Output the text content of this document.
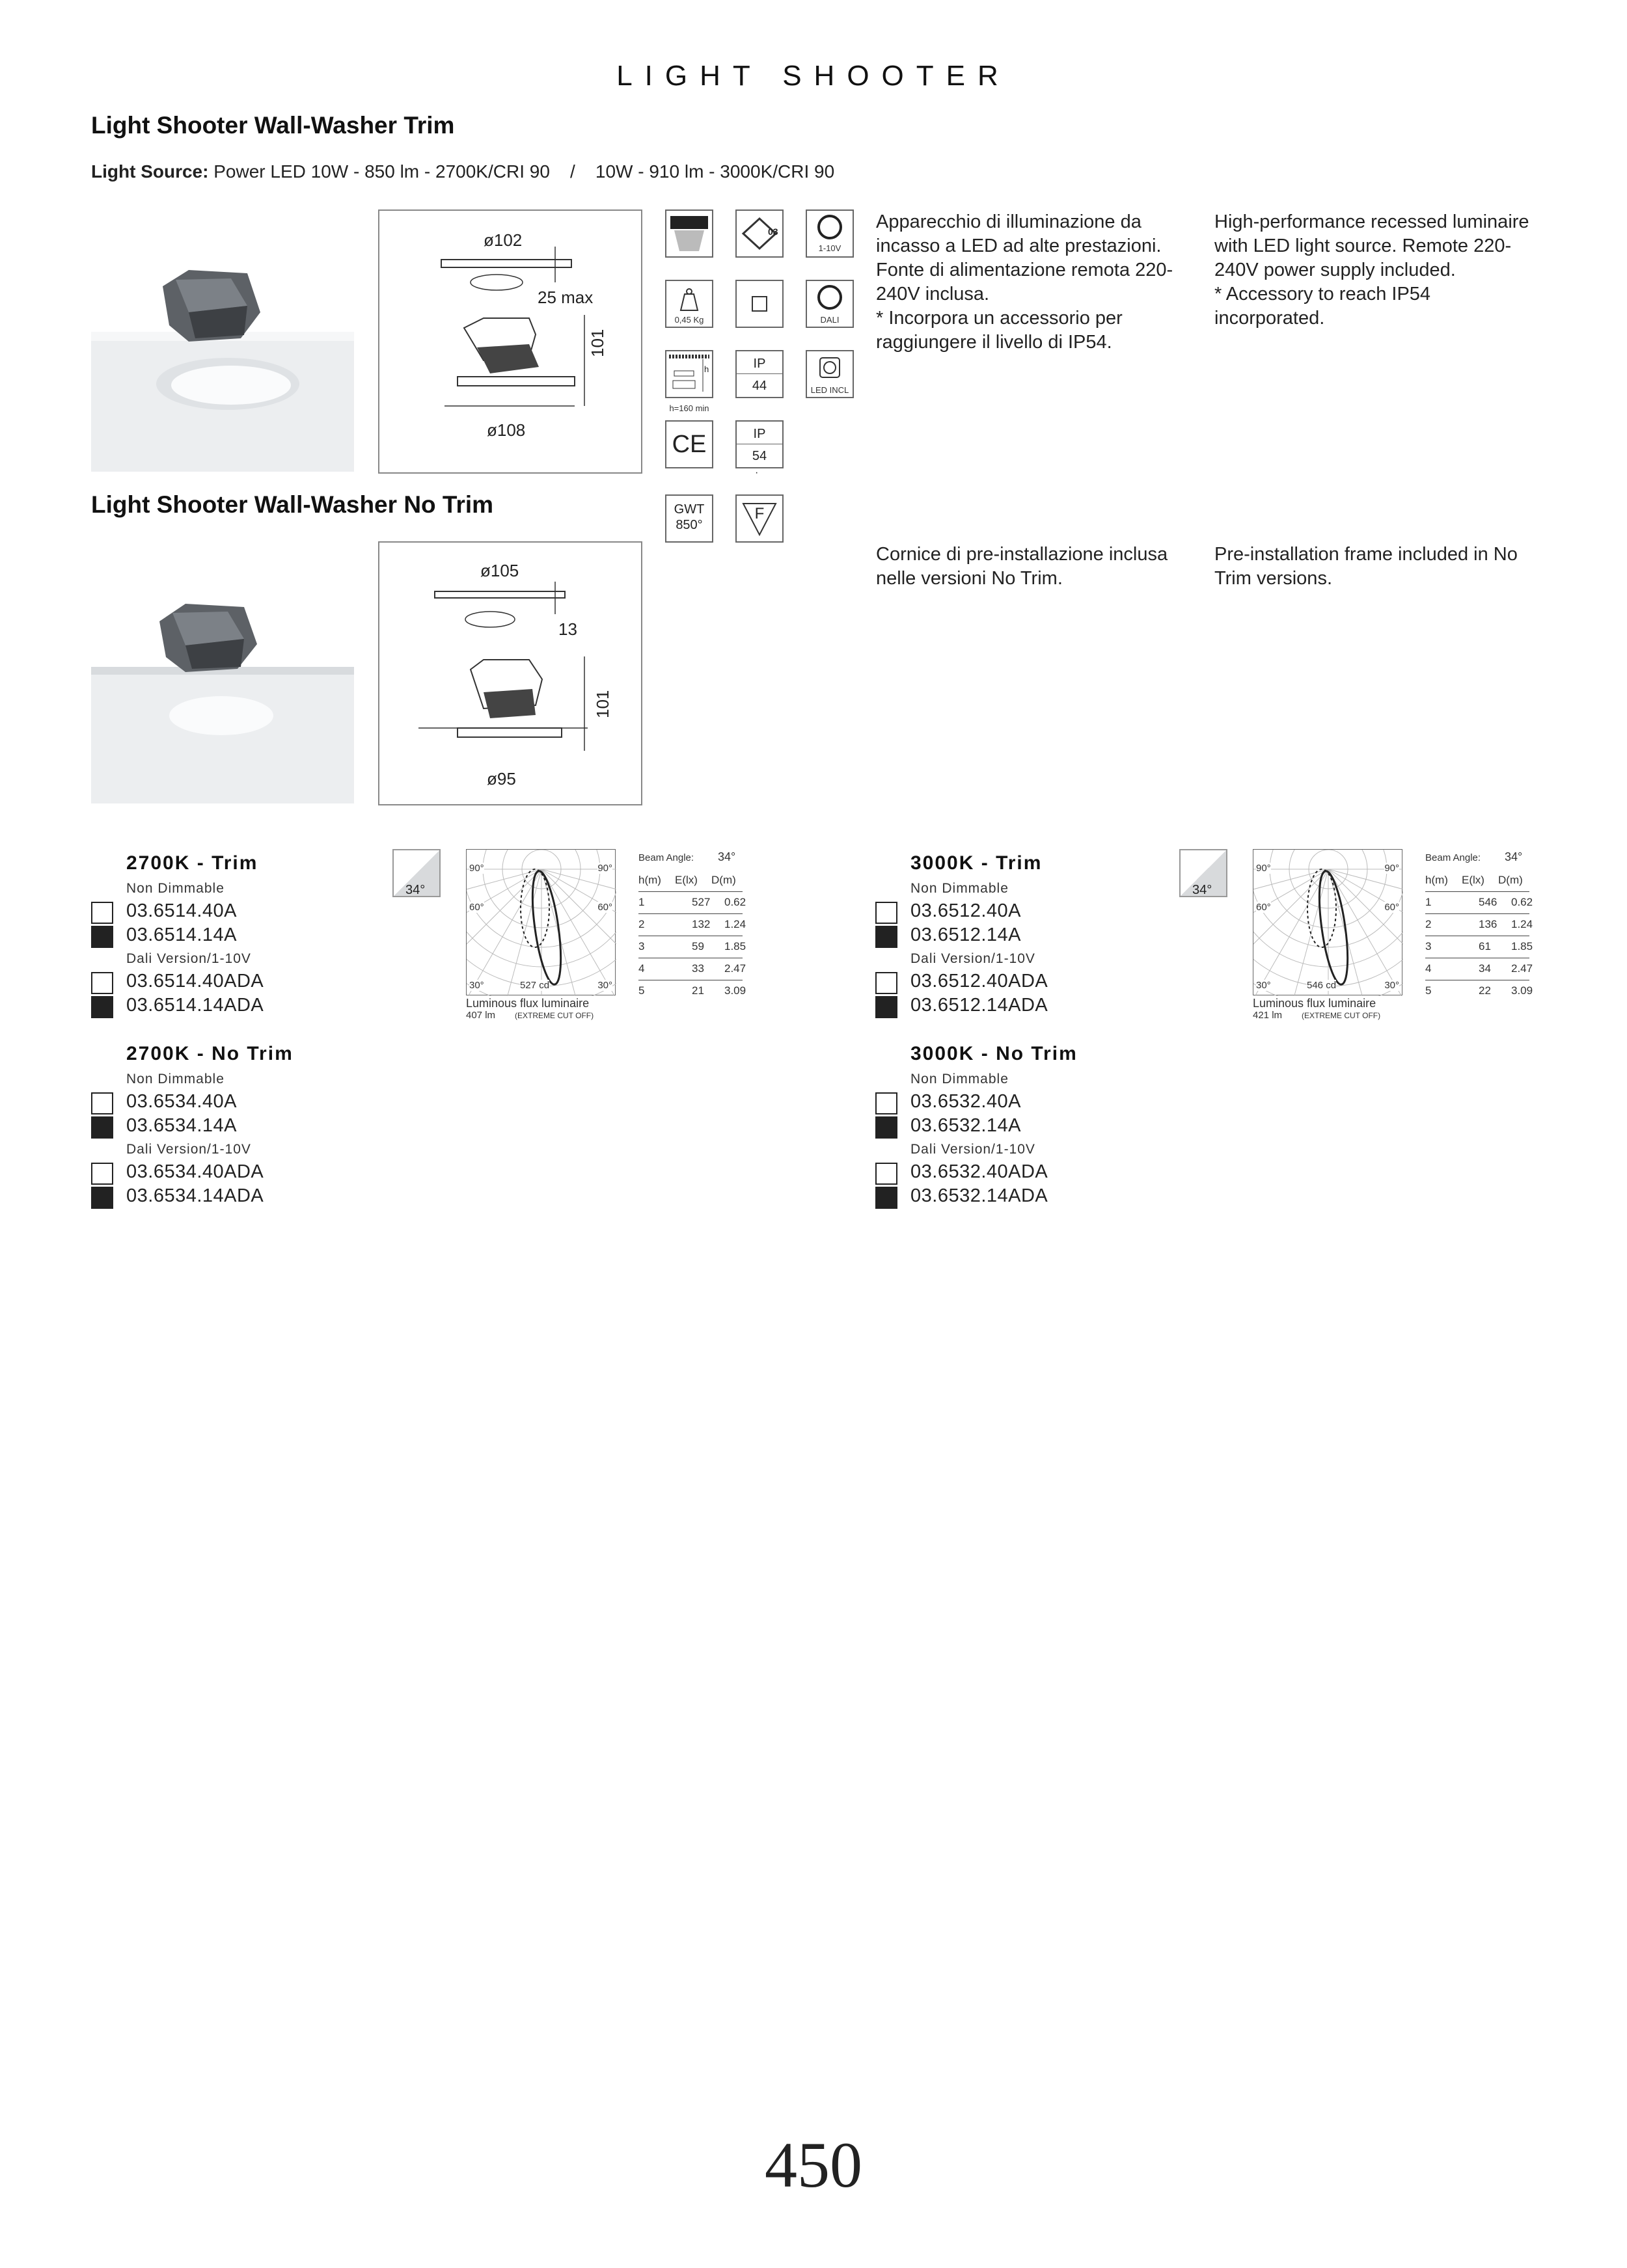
LIGHT SHOOTER
Light Shooter Wall-Washer Trim
Light Shooter Wall-Washer No Trim
Light Source: Power LED 10W - 850 lm - 2700K/CRI 90    /    10W - 910 lm - 3000K/CRI 90
ø102
25 max
101
ø108
ø105
13
101
ø95
03
1-10V
0,45 Kg	DALI
h
h=160 min
IP
44	LED INCL
CE	IP
54
·
GWT
850°
F
Apparecchio di illuminazione da incasso a LED ad alte prestazioni. Fonte di alimentazione remota 220-240V inclusa.
* Incorpora un accessorio per raggiungere il livello di IP54.
High-performance recessed luminaire with LED light source. Remote 220-240V power supply included.
* Accessory to reach IP54 incorporated.
Cornice di pre-installazione inclusa nelle versioni No Trim.
Pre-installation frame included in No Trim versions.
2700K - Trim
Non Dimmable
03.6514.40A
03.6514.14A
Dali Version/1-10V
03.6514.40ADA
03.6514.14ADA
2700K - No Trim
Non Dimmable
03.6534.40A
03.6534.14A
Dali Version/1-10V
03.6534.40ADA
03.6534.14ADA
3000K - Trim
Non Dimmable
03.6512.40A
03.6512.14A
Dali Version/1-10V
03.6512.40ADA
03.6512.14ADA
3000K - No Trim
Non Dimmable
03.6532.40A
03.6532.14A
Dali Version/1-10V
03.6532.40ADA
03.6532.14ADA
34°
90°	90°
60°	60°
30°	30°
527 cd
Luminous flux luminaire
407 lm (EXTREME CUT OFF)
Beam Angle: 34°
h(m) E(lx) D(m)
1	527 0.62
2	132 1.24
3	59 1.85
4	33 2.47
5	21 3.09
34°
90°	90°
60°	60°
30°	30°
546 cd
Luminous flux luminaire
421 lm (EXTREME CUT OFF)
Beam Angle: 34°
h(m) E(lx) D(m)
1	546 0.62
2	136 1.24
3	61 1.85
4	34 2.47
5	22 3.09
450
